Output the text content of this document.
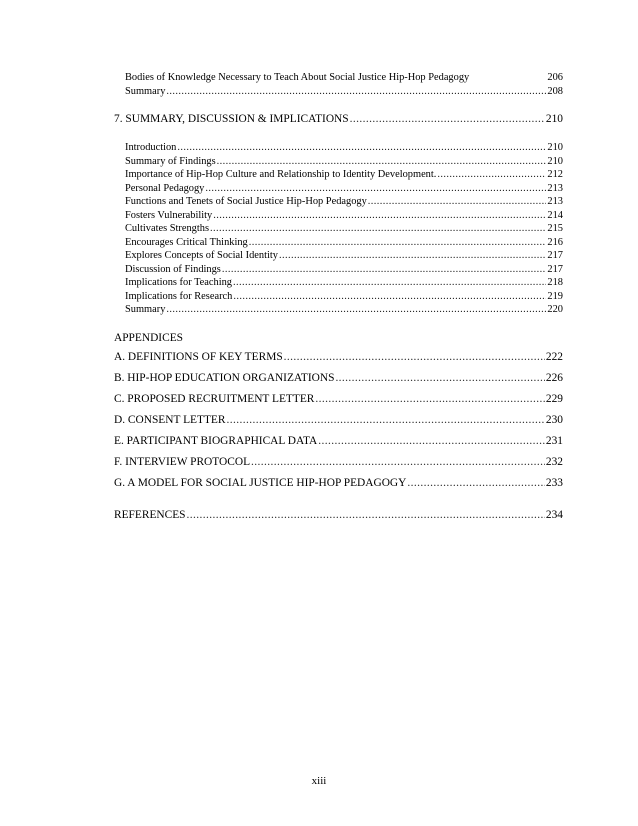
Bodies of Knowledge Necessary to Teach About Social Justice Hip-Hop Pedagogy	206
Summary .....	208
7. SUMMARY, DISCUSSION & IMPLICATIONS .....	210
Introduction .....	210
Summary of Findings .....	210
Importance of Hip-Hop Culture and Relationship to Identity Development. .....	212
Personal Pedagogy .....	213
Functions and Tenets of Social Justice Hip-Hop Pedagogy .....	213
Fosters Vulnerability .....	214
Cultivates Strengths .....	215
Encourages Critical Thinking .....	216
Explores Concepts of Social Identity .....	217
Discussion of Findings .....	217
Implications for Teaching .....	218
Implications for Research .....	219
Summary .....	220
APPENDICES
A. DEFINITIONS OF KEY TERMS .....	222
B. HIP-HOP EDUCATION ORGANIZATIONS .....	226
C. PROPOSED RECRUITMENT LETTER .....	229
D. CONSENT LETTER .....	230
E. PARTICIPANT BIOGRAPHICAL DATA .....	231
F. INTERVIEW PROTOCOL .....	232
G. A MODEL FOR SOCIAL JUSTICE HIP-HOP PEDAGOGY .....	233
REFERENCES .....	234
xiii
